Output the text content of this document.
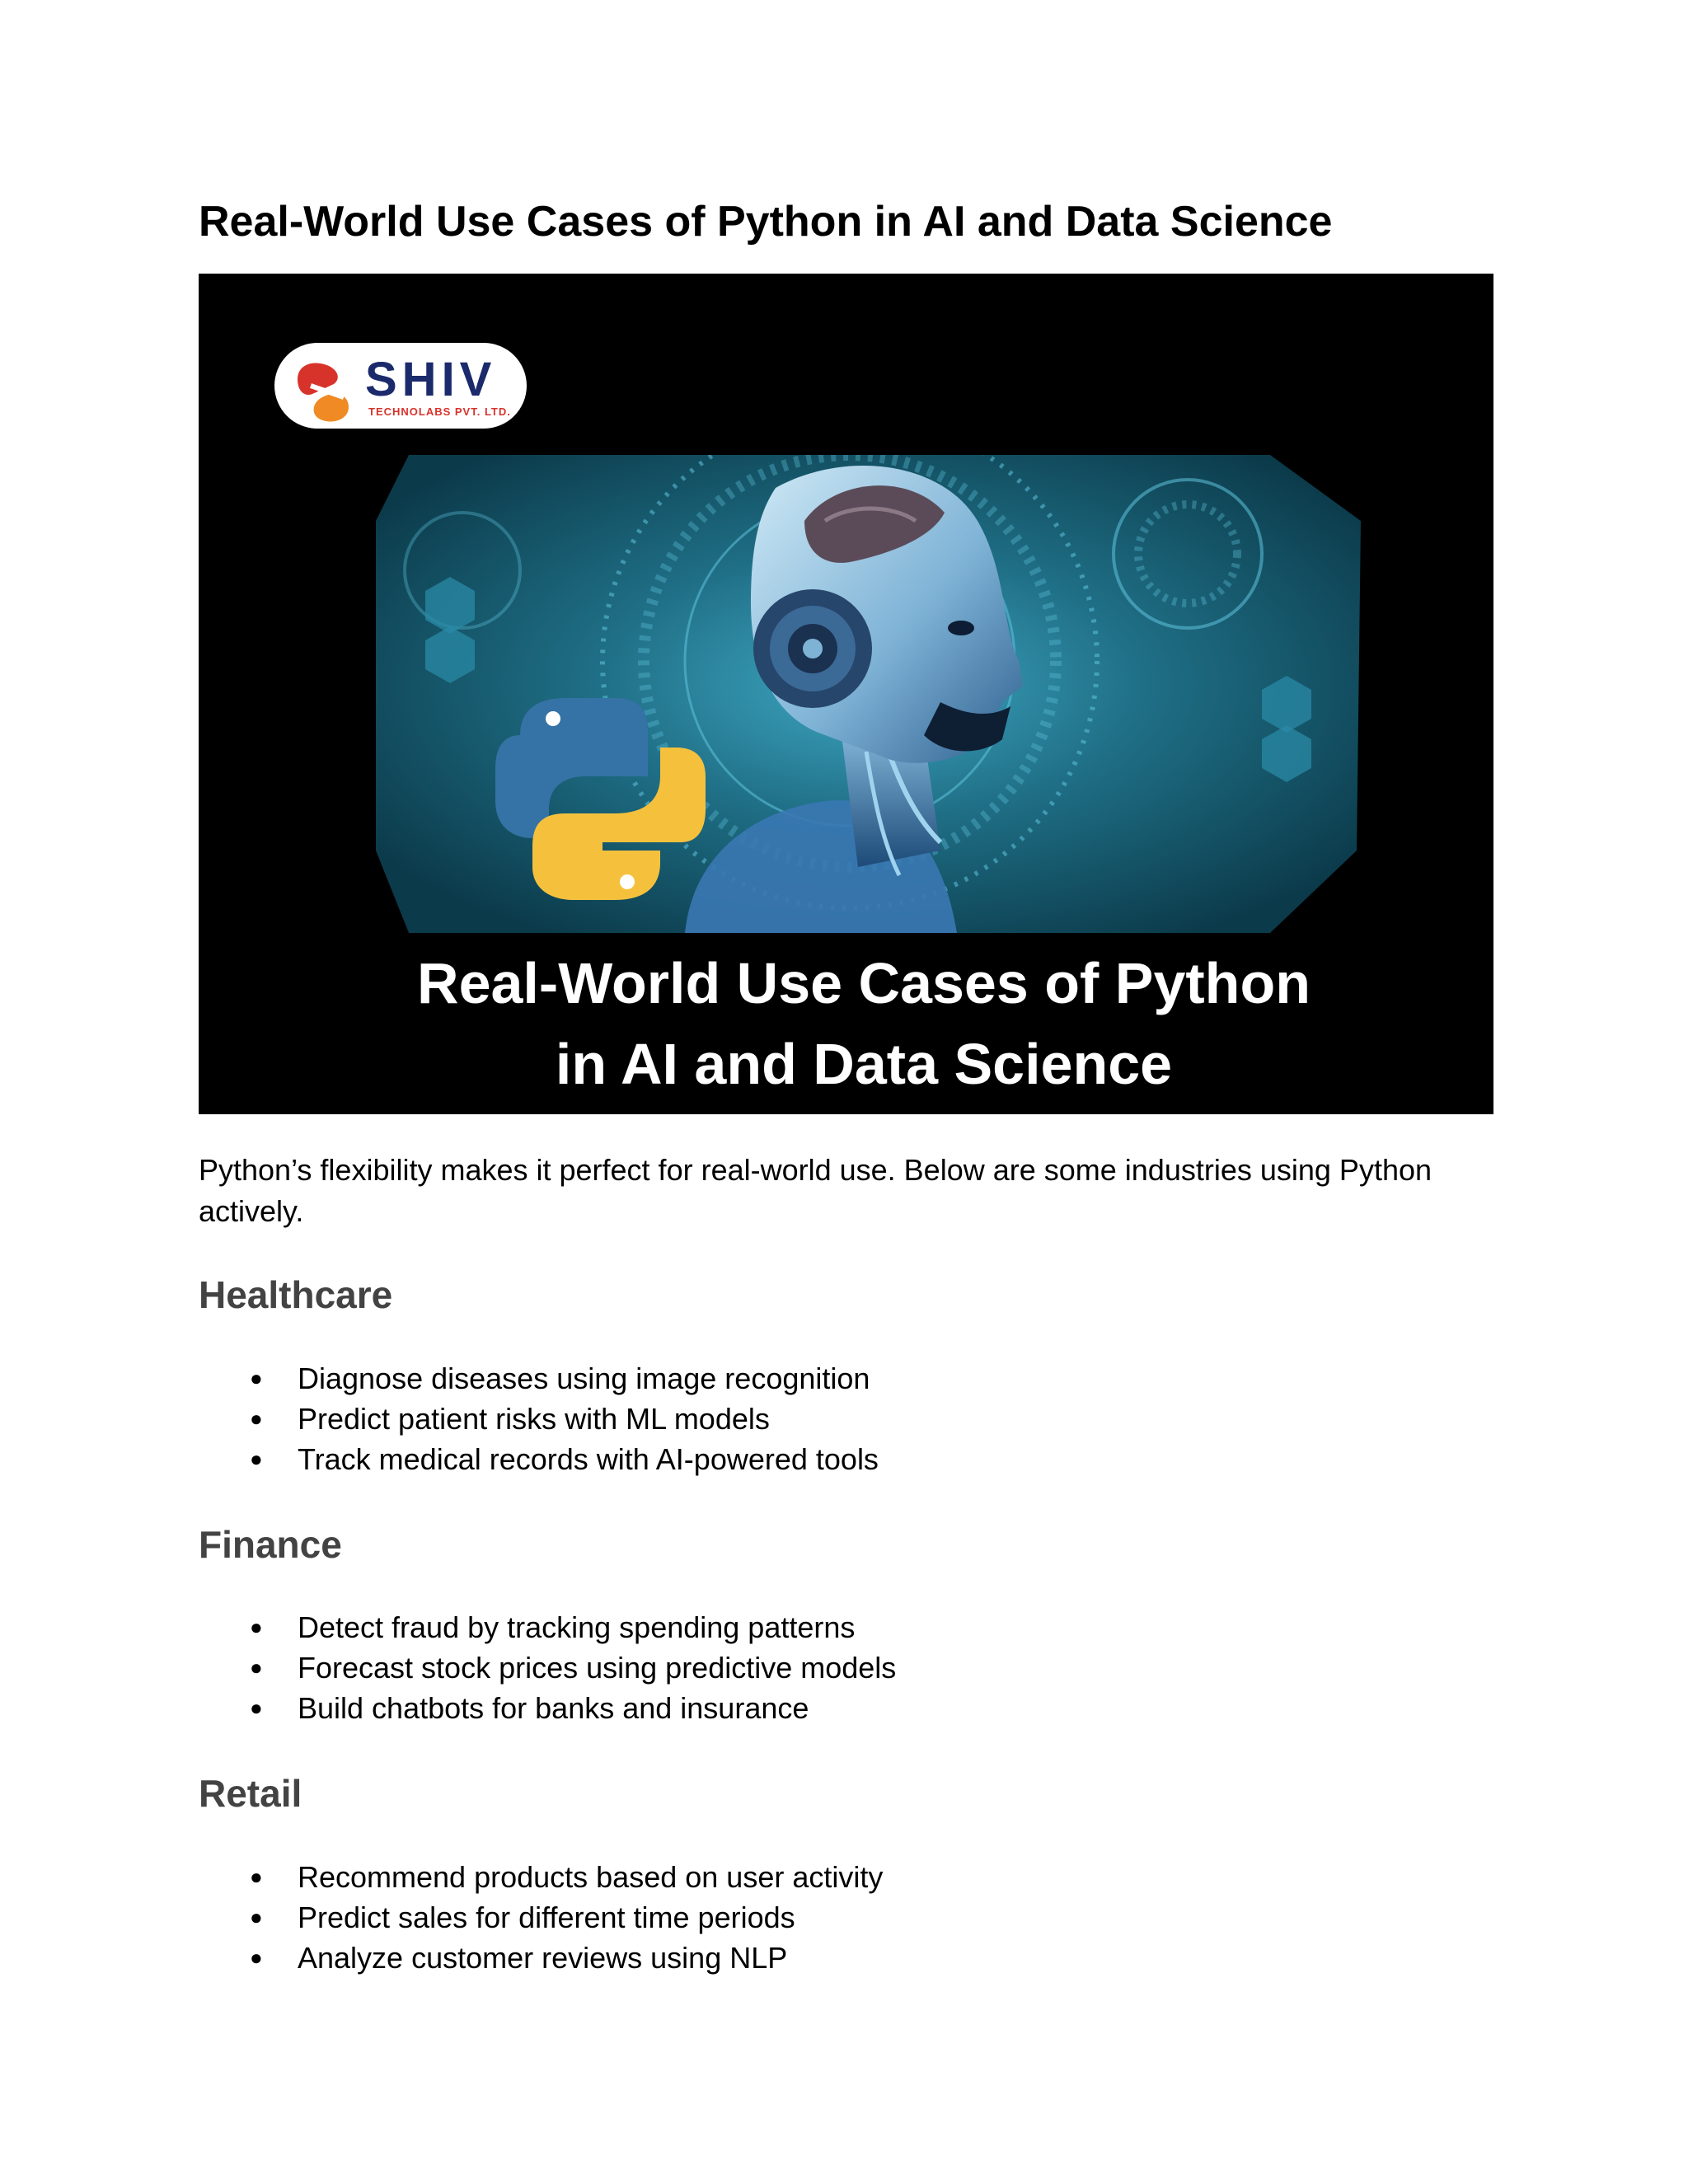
Real-World Use Cases of Python in AI and Data Science
SHIV
TECHNOLABS PVT. LTD.
Real-World Use Cases of Python
in AI and Data Science

Python’s flexibility makes it perfect for real-world use. Below are some industries using Python actively.

Healthcare
● Diagnose diseases using image recognition
● Predict patient risks with ML models
● Track medical records with AI-powered tools
Finance
● Detect fraud by tracking spending patterns
● Forecast stock prices using predictive models
● Build chatbots for banks and insurance
Retail
● Recommend products based on user activity
● Predict sales for different time periods
● Analyze customer reviews using NLP
